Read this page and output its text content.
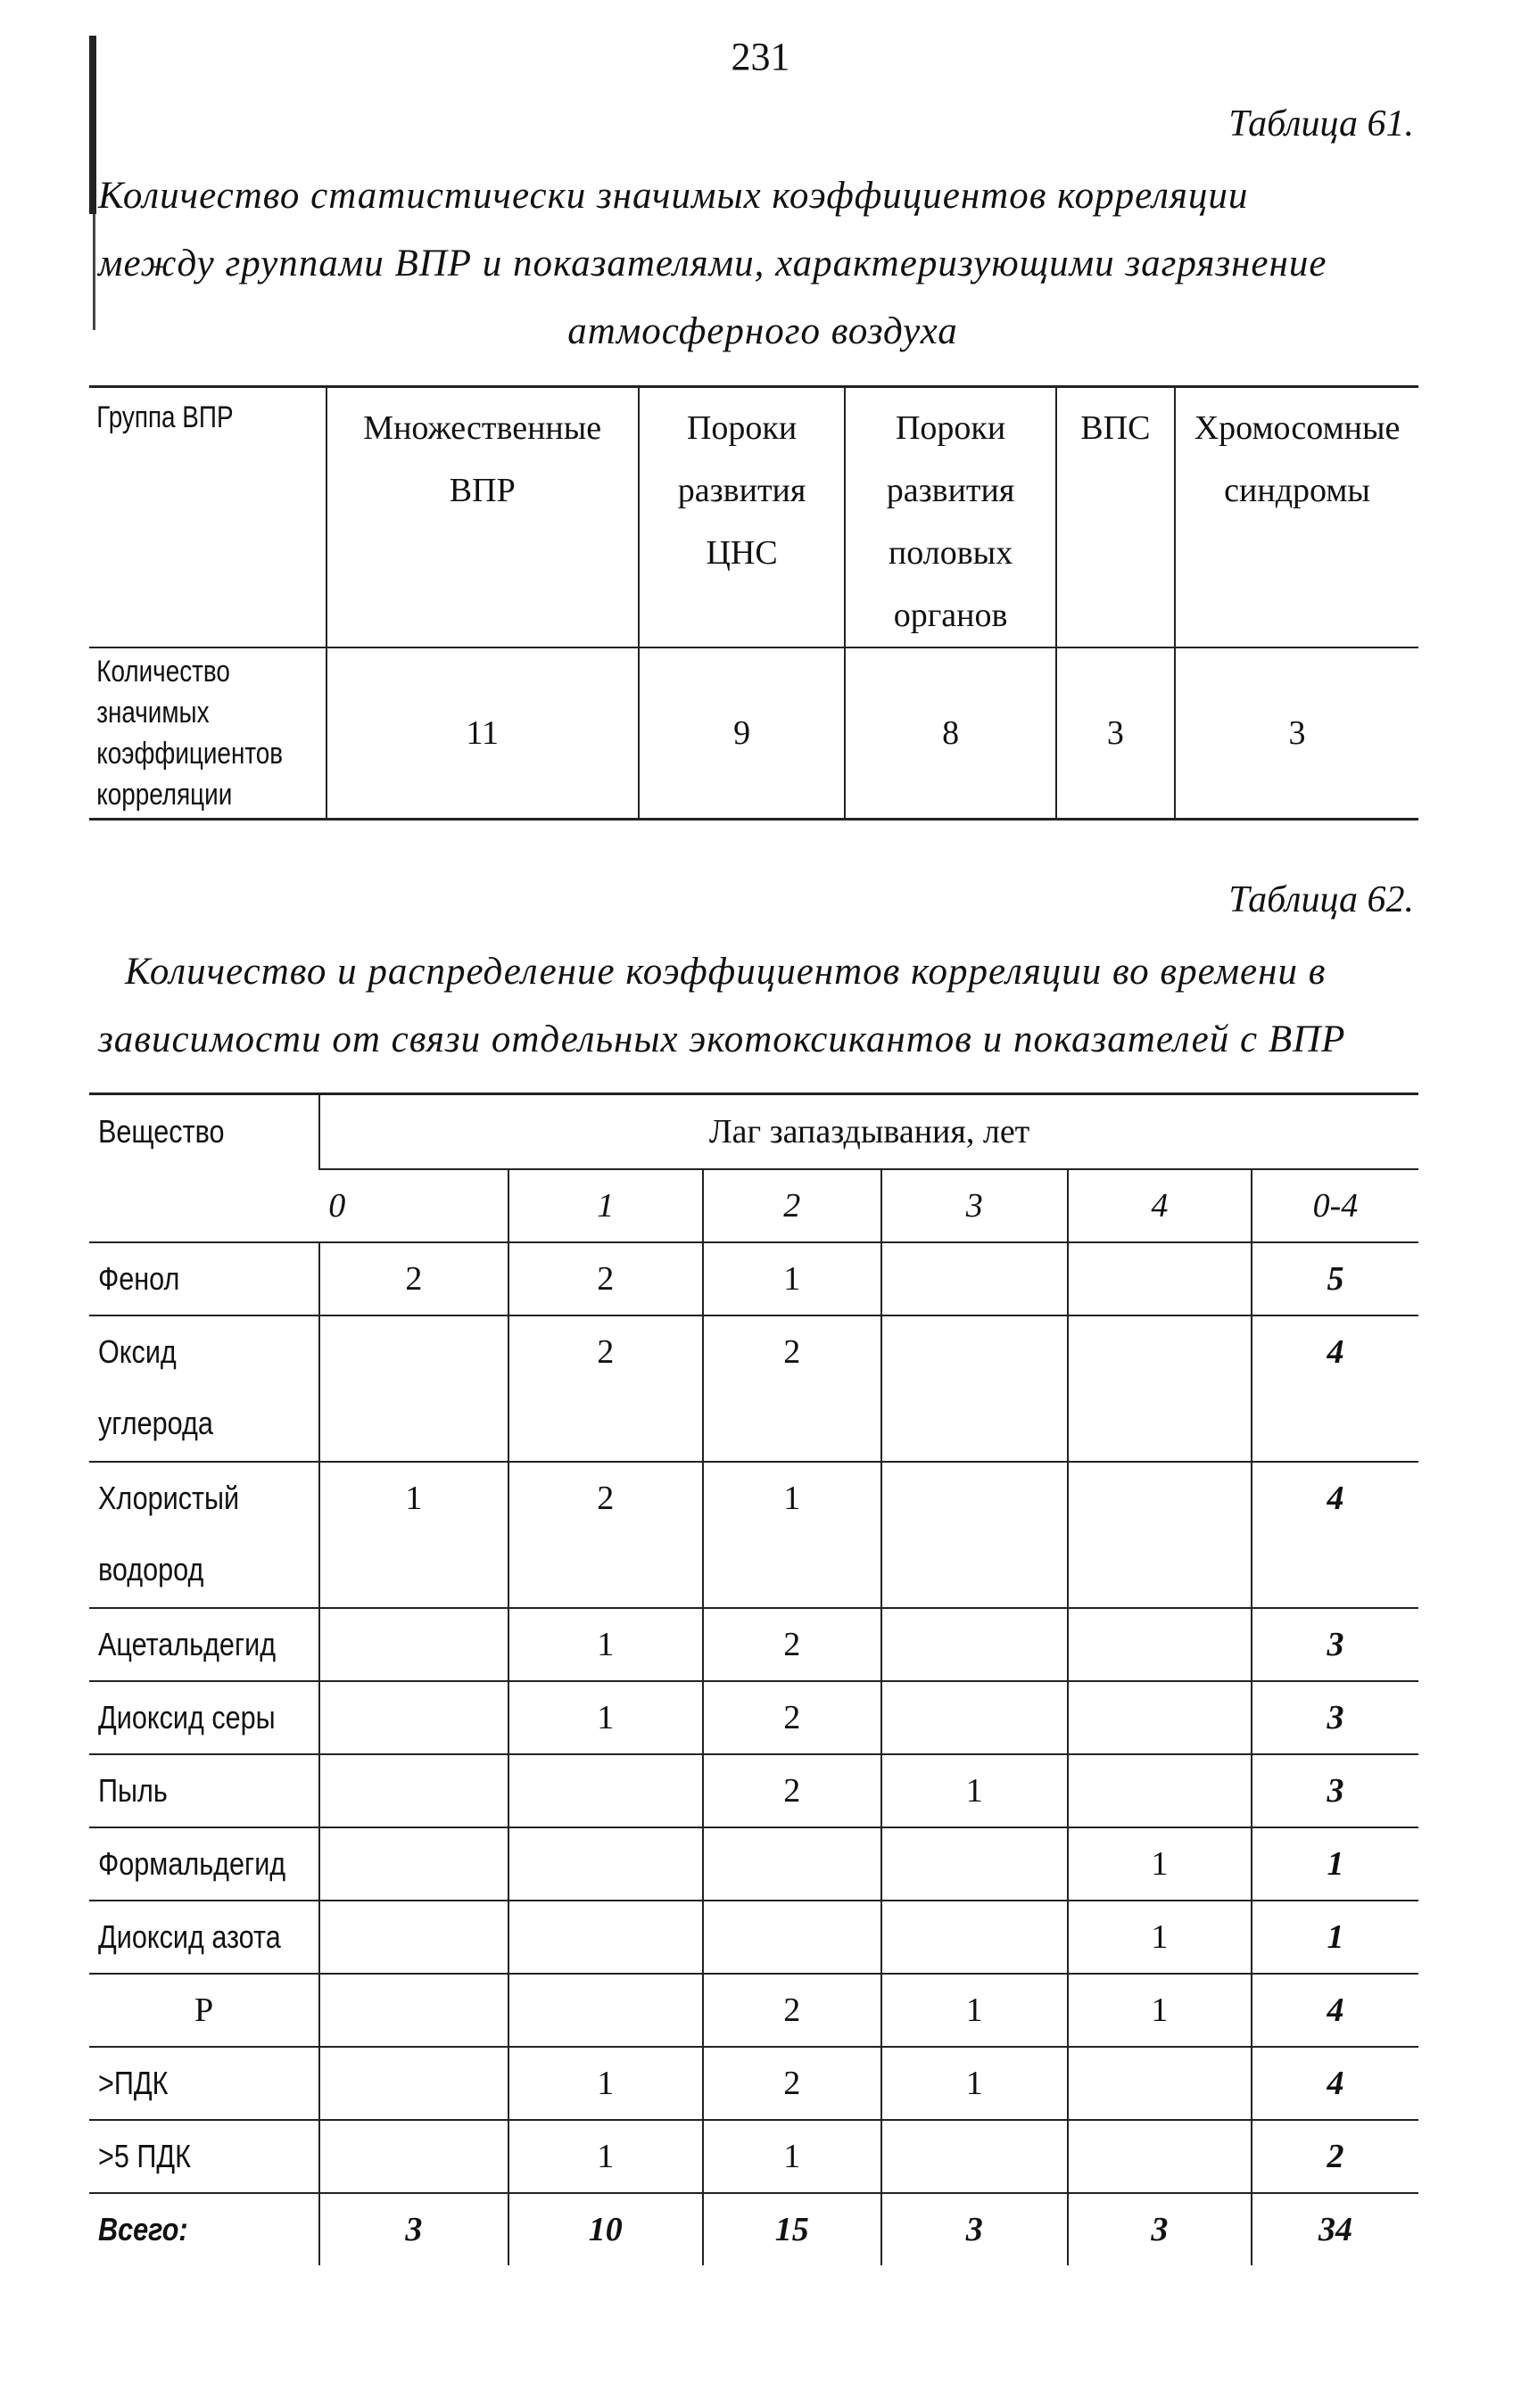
231
Таблица 61.
Количество статистически значимых коэффициентов корреляции
между группами ВПР и показателями, характеризующими загрязнение
атмосферного воздуха
Группа ВПР	Множественные ВПР	Пороки развития ЦНС	Пороки развития половых органов	ВПС	Хромосомные синдромы

Количество значимых коэффициентов корреляции	11	9	8	3	3
Таблица 62.
Количество и распределение коэффициентов корреляции во времени в
зависимости от связи отдельных экотоксикантов и показателей с ВПР
Вещество	Лаг запаздывания, лет					
	0	1	2	3	4	0-4
Фенол	2	2	1			5
Оксид углерода		2	2			4
Хлористый водород	1	2	1			4
Ацетальдегид		1	2			3
Диоксид серы		1	2			3
Пыль			2	1		3
Формальдегид					1	1
Диоксид азота					1	1
Р			2	1	1	4
>ПДК		1	2	1		4
>5 ПДК		1	1			2
Всего:	3	10	15	3	3	34
